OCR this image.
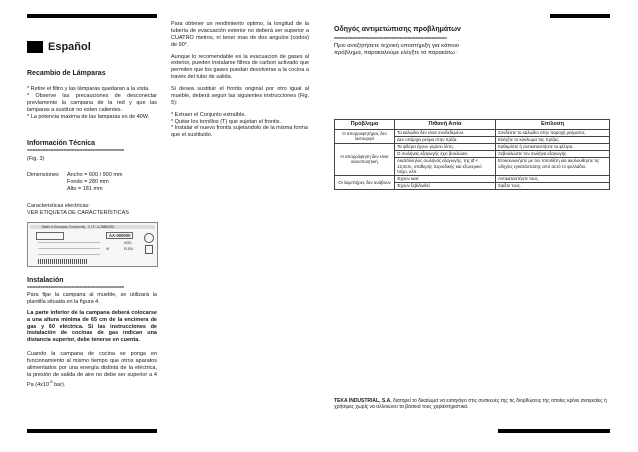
Español
Recambio de Lámparas

* Retire el filtro y las lámparas quedaran a la vista.

* Observe las precauciones de desconectar previamente la campana de la red y que las lamparas a sustituir no esten calientes.

* La potencia maxima de las lamparas es de 40W.

Información Técnica
=====================================
(Fig. 3)
Dimensiones	Ancho = 600 / 900 mm
Fondo = 280 mm
Alto = 181 mm
Caracteristicas electricas:
VER ETIQUETA DE CARACTERÍSTICAS
Instalación
=====================================

Para fijar la campana al mueble, se utilizará la plantilla situada en la figura 4.

La parte inferior de la campana deberá colocarse a una altura mínima de 65 cm de la encimera de gas y 60 eléctrica. Si las instrucciones de instalación de cocinas de gas indican una distancia superior, debe tenerse en cuenta.

Cuando la campana de cocina se ponga en funcionamiento al mismo tiempo que otros aparatos alimentados por una energía distinta de la eléctrica, la presión de salida de aire no debe ser superior a 4 Pa ($4x10^{-5}$ bar).

Made in European Community - C.I.F.: A-28884092
AA-000000
MOD.
ELEM.
W

Para obtener un rendimiento optimo, la longitud de la tubería de evacuación exterior no deberá ser superior a CUATRO metros, ni tener mas de dos angulos (codos) de 90°.

Aunque lo recomendable es la evacuacion de gases al exterior, pueden instalarse filtros de carbon activado que permiten que los gases puedan devolverse a la cocina a través del tubo de salida.

Si desea sustituir el frontis original por otro igual al mueble, deberá seguir las siguientes instrucciones (Fig. 5):

* Extraer el Conjunto extraíble.

* Quitar los tornillos (T) que sujetan el frontis.

* Instalar el nuevo frontis sujetandolo de la misma forma que el sustituido.

Οδηγός αντιμετώπισης προβλημάτων
===========================================

Πριν αναζητήσετε τεχνική υποστήριξη για κάποιο πρόβλημα, παρακαλούμε ελέγξτε τα παρακάτω :

TEKA INDUSTRIAL, S.A. διατηρεί το δικαίωμα να εισαγάγει στις συσκευές της τις διορθώσεις της οποίες κρίνει αναγκαίες ή χρήσιμες χωρίς να αλλοιώνει τα βασικά τους χαρακτηριστικά.

Πρόβλημα	Πιθανή Αιτία	Επίλυση
Ο απορροφητήρας δεν λειτουργεί	Το καλώδιο δεν είναι συνδεδεμένο.	Συνδέστε το καλώδιο στην παροχή ρεύματος.
	Δεν υπάρχει ρεύμα στην πρίζα.	Ελέγξτε το κύκλωμα της πρίζας.
Η απορρόφηση δεν είναι ικανοποιητική	Τα φίλτρα έχουν γεμίσει λίπη.	Καθαρίστε ή αντικαταστήστε τα φίλτρα.
	Ο σωλήνας εξαγωγής έχει βουλώσει.	Ξεβουλώστε τον σωλήνα εξαγωγής.
	Ακατάλληλος σωλήνας εξαγωγής, της Ø < 12,5cm, σταθερής περιοδικής και εξωτερικό τοίχο, κλπ.	Επικοινωνήστε με τον τοποθέτη και ακολουθήστε τις οδηγίες εγκατάστασης από αυτό το φυλλάδιο.
Οι λαμπτήρες δεν ανάβουν	Έχουν καεί	Αντικαταστήστε τους.
	Έχουν ξεβιδωθεί.	Σφίξτε τους.
